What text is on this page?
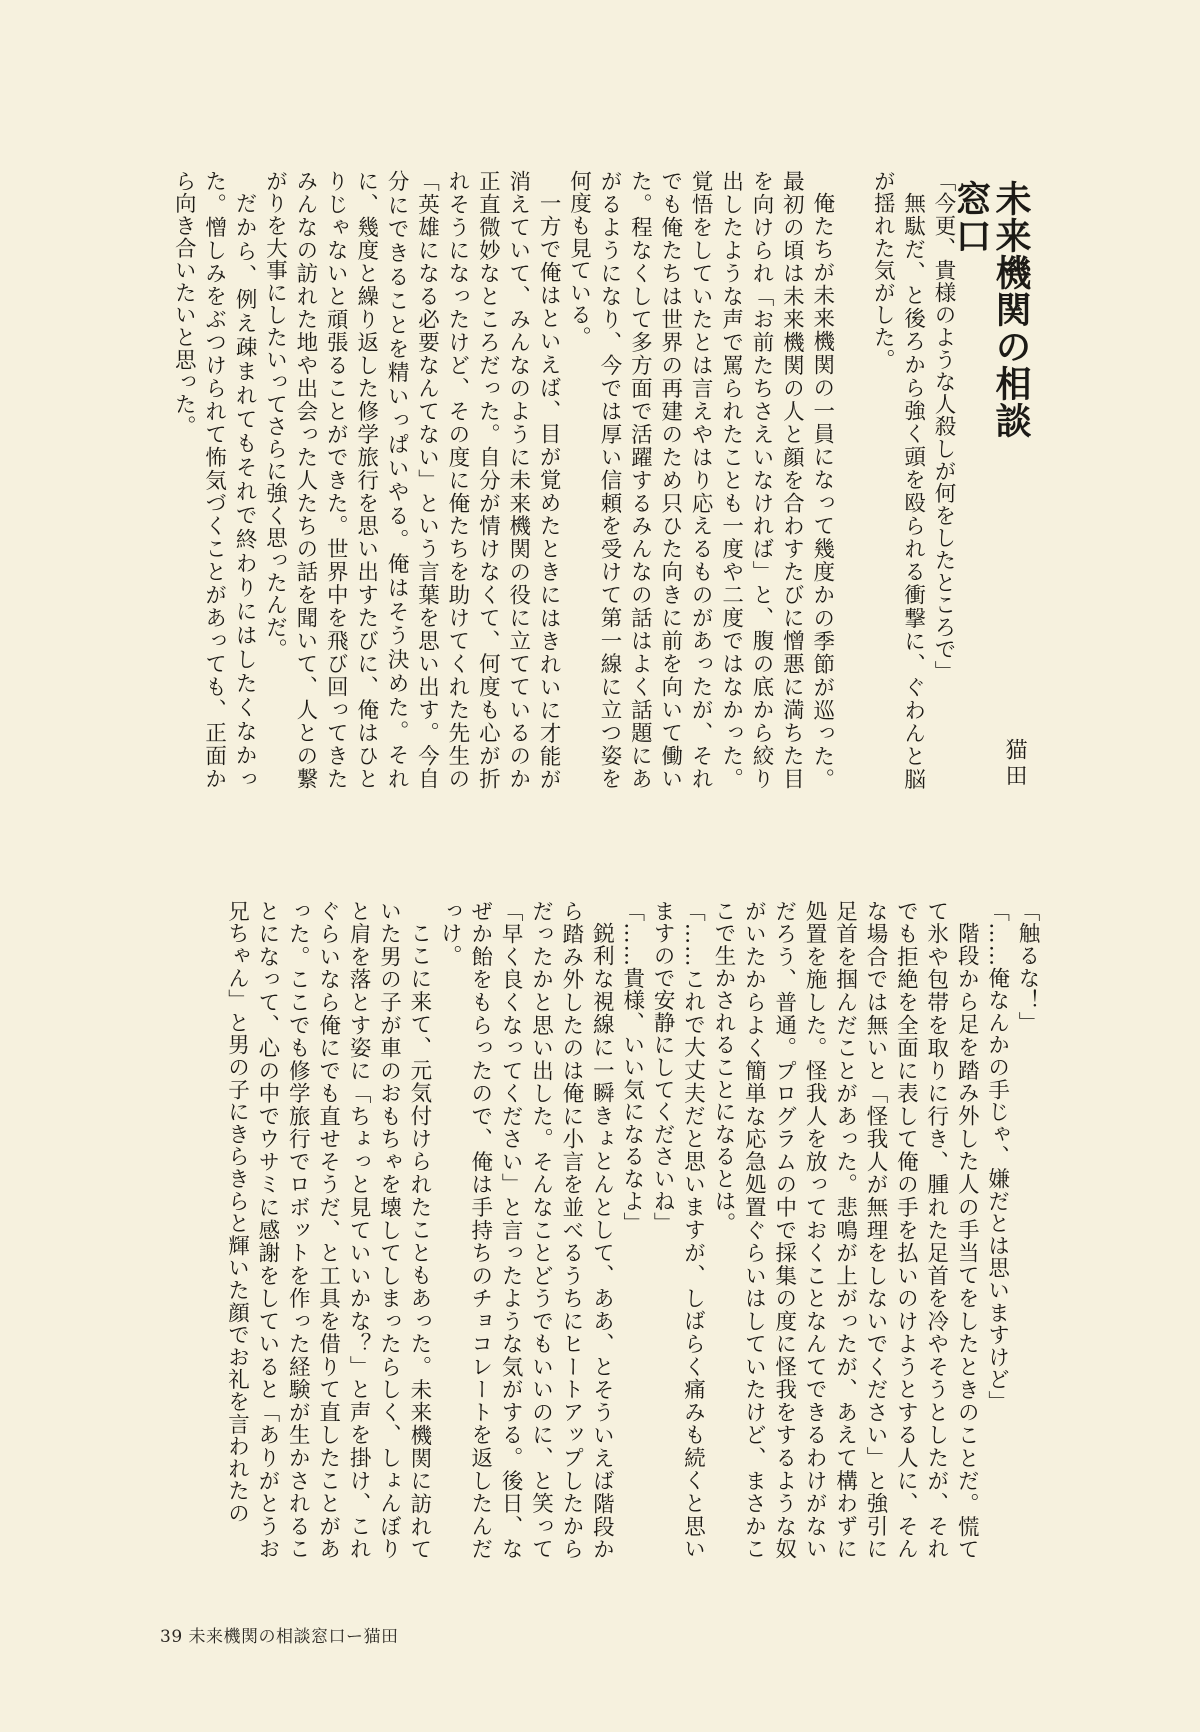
未来機関の相談窓口
猫田

「今更、貴様のような人殺しが何をしたところで」

無駄だ、と後ろから強く頭を殴られる衝撃に、ぐわんと脳が揺れた気がした。

俺たちが未来機関の一員になって幾度かの季節が巡った。最初の頃は未来機関の人と顔を合わすたびに憎悪に満ちた目を向けられ「お前たちさえいなければ」と、腹の底から絞り出したような声で罵られたことも一度や二度ではなかった。覚悟をしていたとは言えやはり応えるものがあったが、それでも俺たちは世界の再建のため只ひた向きに前を向いて働いた。程なくして多方面で活躍するみんなの話はよく話題にあがるようになり、今では厚い信頼を受けて第一線に立つ姿を何度も見ている。

一方で俺はといえば、目が覚めたときにはきれいに才能が消えていて、みんなのように未来機関の役に立てているのか正直微妙なところだった。自分が情けなくて、何度も心が折れそうになったけど、その度に俺たちを助けてくれた先生の「英雄になる必要なんてない」という言葉を思い出す。今自分にできることを精いっぱいやる。俺はそう決めた。それに、幾度と繰り返した修学旅行を思い出すたびに、俺はひとりじゃないと頑張ることができた。世界中を飛び回ってきたみんなの訪れた地や出会った人たちの話を聞いて、人との繋がりを大事にしたいってさらに強く思ったんだ。

だから、例え疎まれてもそれで終わりにはしたくなかった。憎しみをぶつけられて怖気づくことがあっても、正面から向き合いたいと思った。

「触るな！」

「……俺なんかの手じゃ、嫌だとは思いますけど」

階段から足を踏み外した人の手当てをしたときのことだ。慌てて氷や包帯を取りに行き、腫れた足首を冷やそうとしたが、それでも拒絶を全面に表して俺の手を払いのけようとする人に、そんな場合では無いと「怪我人が無理をしないでください」と強引に足首を掴んだことがあった。悲鳴が上がったが、あえて構わずに処置を施した。怪我人を放っておくことなんてできるわけがないだろう、普通。プログラムの中で採集の度に怪我をするような奴がいたからよく簡単な応急処置ぐらいはしていたけど、まさかここで生かされることになるとは。

「……これで大丈夫だと思いますが、しばらく痛みも続くと思いますので安静にしてくださいね」

「……貴様、いい気になるなよ」

鋭利な視線に一瞬きょとんとして、ああ、とそういえば階段から踏み外したのは俺に小言を並べるうちにヒートアップしたからだったかと思い出した。そんなことどうでもいいのに、と笑って「早く良くなってください」と言ったような気がする。後日、なぜか飴をもらったので、俺は手持ちのチョコレートを返したんだっけ。

ここに来て、元気付けられたこともあった。未来機関に訪れていた男の子が車のおもちゃを壊してしまったらしく、しょんぼりと肩を落とす姿に「ちょっと見ていいかな？」と声を掛け、これぐらいなら俺にでも直せそうだ、と工具を借りて直したことがあった。ここでも修学旅行でロボットを作った経験が生かされることになって、心の中でウサミに感謝をしていると「ありがとうお兄ちゃん」と男の子にきらきらと輝いた顔でお礼を言われたの

39 未来機関の相談窓口ー猫田
